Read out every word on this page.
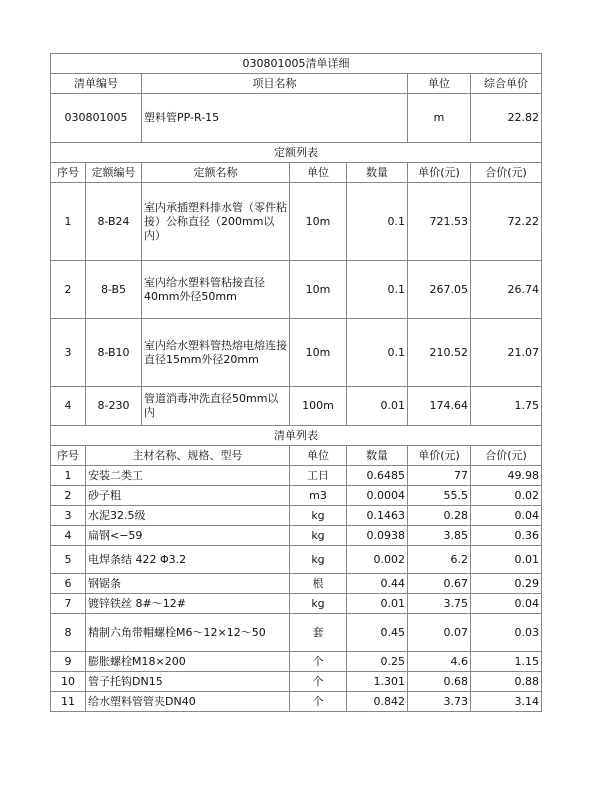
030801005清单详细						
清单编号		项目名称			单位	综合单价
030801005		塑料管PP-R-15			m	22.82
定额列表						
序号	定额编号	定额名称	单位	数量	单价(元)	合价(元)
1	8-B24	室内承插塑料排水管（零件粘接）公称直径（200mm以内）	10m	0.1	721.53	72.22
2	8-B5	室内给水塑料管粘接直径40mm外径50mm	10m	0.1	267.05	26.74
3	8-B10	室内给水塑料管热熔电熔连接直径15mm外径20mm	10m	0.1	210.52	21.07
4	8-230	管道消毒冲洗直径50mm以内	100m	0.01	174.64	1.75
清单列表						
序号	主材名称、规格、型号		单位	数量	单价(元)	合价(元)
1	安装二类工		工日	0.6485	77	49.98
2	砂子粗		m3	0.0004	55.5	0.02
3	水泥32.5级		kg	0.1463	0.28	0.04
4	扁钢<−59		kg	0.0938	3.85	0.36
5	电焊条结 422 Φ3.2		kg	0.002	6.2	0.01
6	钢锯条		根	0.44	0.67	0.29
7	镀锌铁丝 8#～12#		kg	0.01	3.75	0.04
8	精制六角带帽螺栓M6～12×12～50		套	0.45	0.07	0.03
9	膨胀螺栓M18×200		个	0.25	4.6	1.15
10	管子托钩DN15		个	1.301	0.68	0.88
11	给水塑料管管夹DN40		个	0.842	3.73	3.14
